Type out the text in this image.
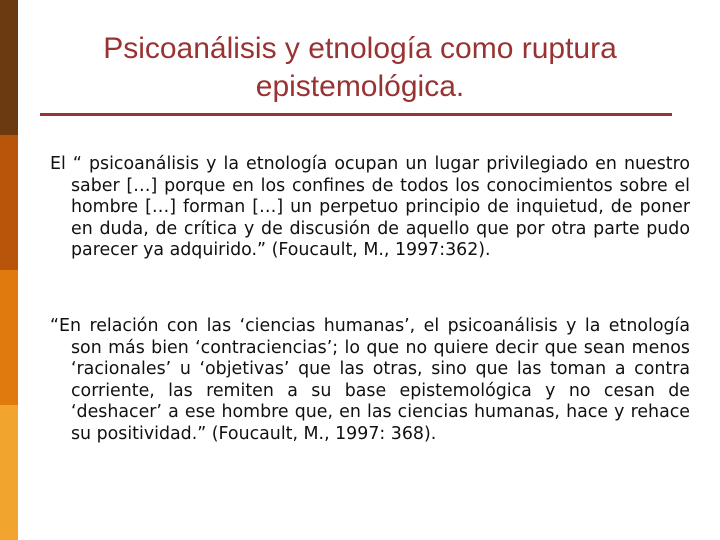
Psicoanálisis y etnología como ruptura
epistemológica.

El “ psicoanálisis y la etnología ocupan un lugar privilegiado en nuestro saber […] porque en los confines de todos los conocimientos sobre el hombre […] forman […] un perpetuo principio de inquietud, de poner en duda, de crítica y de discusión de aquello que por otra parte pudo parecer ya adquirido.” (Foucault, M., 1997:362).

“En relación con las ‘ciencias humanas’, el psicoanálisis y la etnología son más bien ‘contraciencias’; lo que no quiere decir que sean menos ‘racionales’ u ‘objetivas’ que las otras, sino que las toman a contra corriente, las remiten a su base epistemológica y no cesan de ‘deshacer’ a ese hombre que, en las ciencias humanas, hace y rehace su positividad.” (Foucault, M., 1997: 368).
